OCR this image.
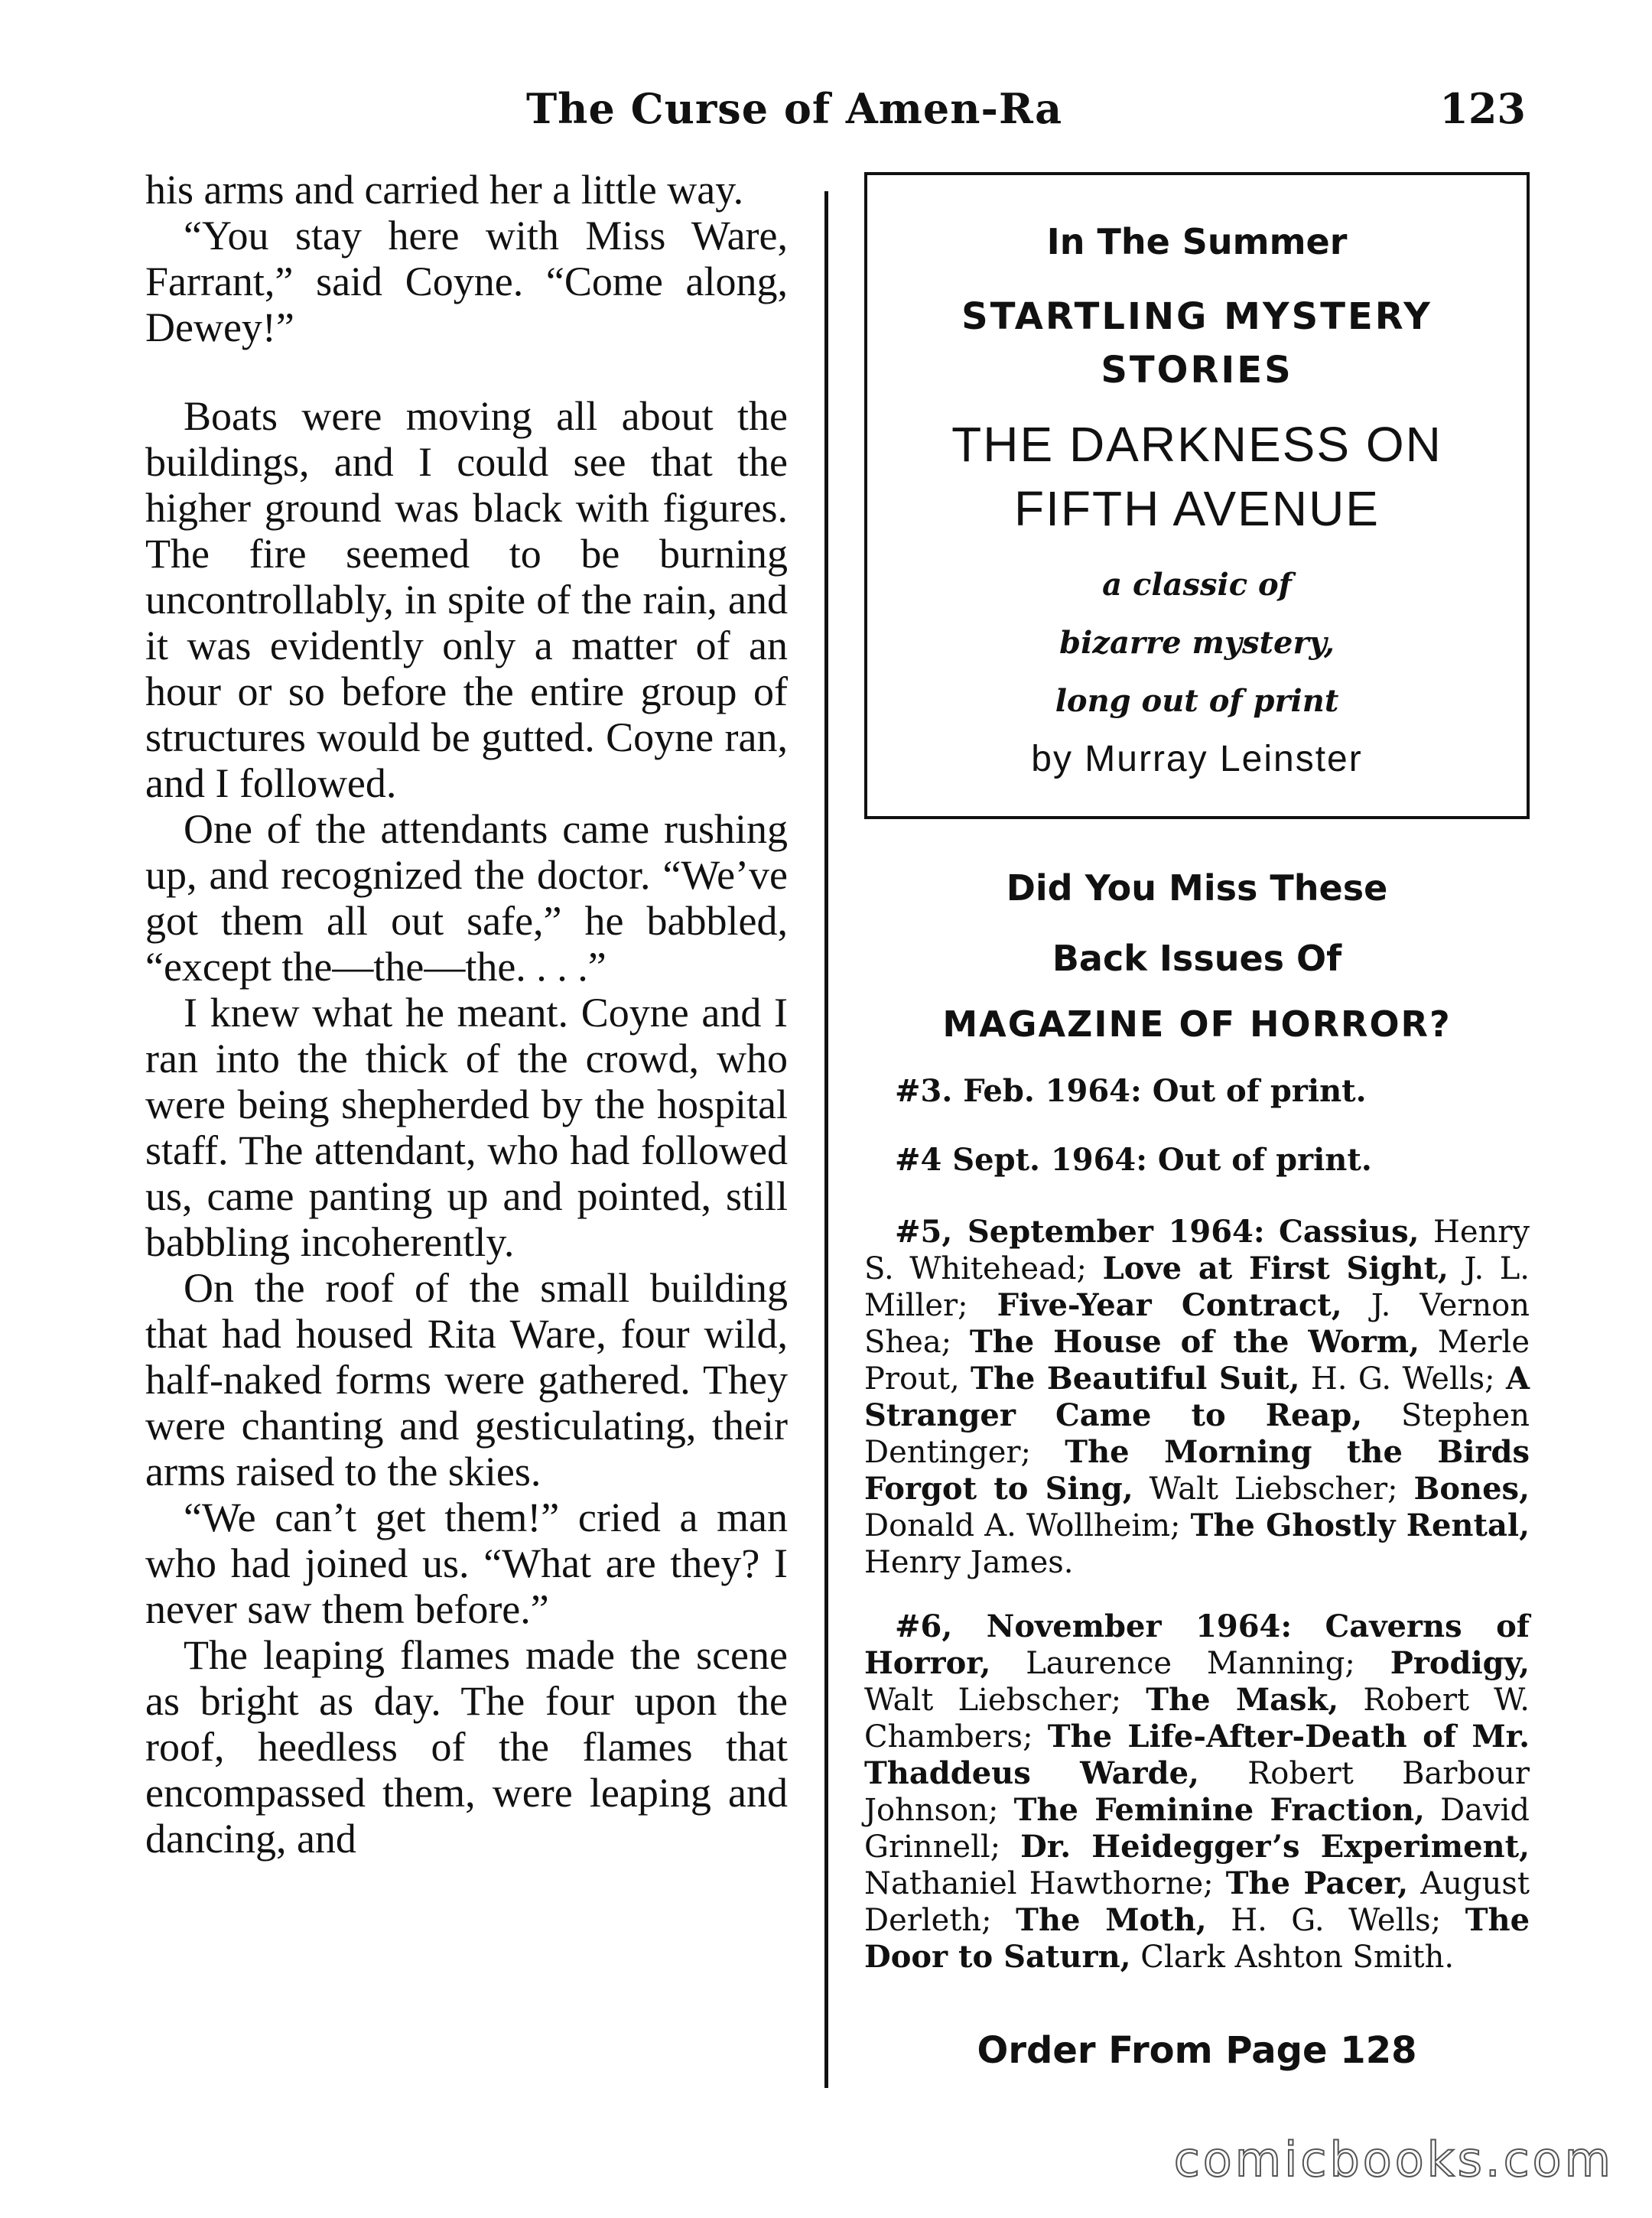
The Curse of Amen-Ra	123

his arms and carried her a little way.

“You stay here with Miss Ware, Farrant,” said Coyne. “Come along, Dewey!”

Boats were moving all about the buildings, and I could see that the higher ground was black with figures. The fire seemed to be burning uncontrollably, in spite of the rain, and it was evidently only a matter of an hour or so before the entire group of structures would be gutted. Coyne ran, and I followed.

One of the attendants came rushing up, and recognized the doctor. “We’ve got them all out safe,” he babbled, “except the—the—the. . . .”

I knew what he meant. Coyne and I ran into the thick of the crowd, who were being shepherded by the hospital staff. The attendant, who had followed us, came panting up and pointed, still babbling incoherently.

On the roof of the small building that had housed Rita Ware, four wild, half-naked forms were gathered. They were chanting and gesticulating, their arms raised to the skies.

“We can’t get them!” cried a man who had joined us. “What are they? I never saw them before.”

The leaping flames made the scene as bright as day. The four upon the roof, heedless of the flames that encompassed them, were leaping and dancing, and

In The Summer

STARTLING MYSTERY
STORIES

THE DARKNESS ON
FIFTH AVENUE

a classic of
bizarre mystery,
long out of print

by Murray Leinster

Did You Miss These

Back Issues Of

MAGAZINE OF HORROR?

#3. Feb. 1964: Out of print.

#4 Sept. 1964: Out of print.

#5, September 1964: Cassius, Henry S. Whitehead; Love at First Sight, J. L. Miller; Five-Year Contract, J. Vernon Shea; The House of the Worm, Merle Prout, The Beautiful Suit, H. G. Wells; A Stranger Came to Reap, Stephen Dentinger; The Morning the Birds Forgot to Sing, Walt Liebscher; Bones, Donald A. Wollheim; The Ghostly Rental, Henry James.

#6, November 1964: Caverns of Horror, Laurence Manning; Prodigy, Walt Liebscher; The Mask, Robert W. Chambers; The Life-After-Death of Mr. Thaddeus Warde, Robert Barbour Johnson; The Feminine Fraction, David Grinnell; Dr. Heidegger’s Experiment, Nathaniel Hawthorne; The Pacer, August Derleth; The Moth, H. G. Wells; The Door to Saturn, Clark Ashton Smith.

Order From Page 128

comicbooks.com
